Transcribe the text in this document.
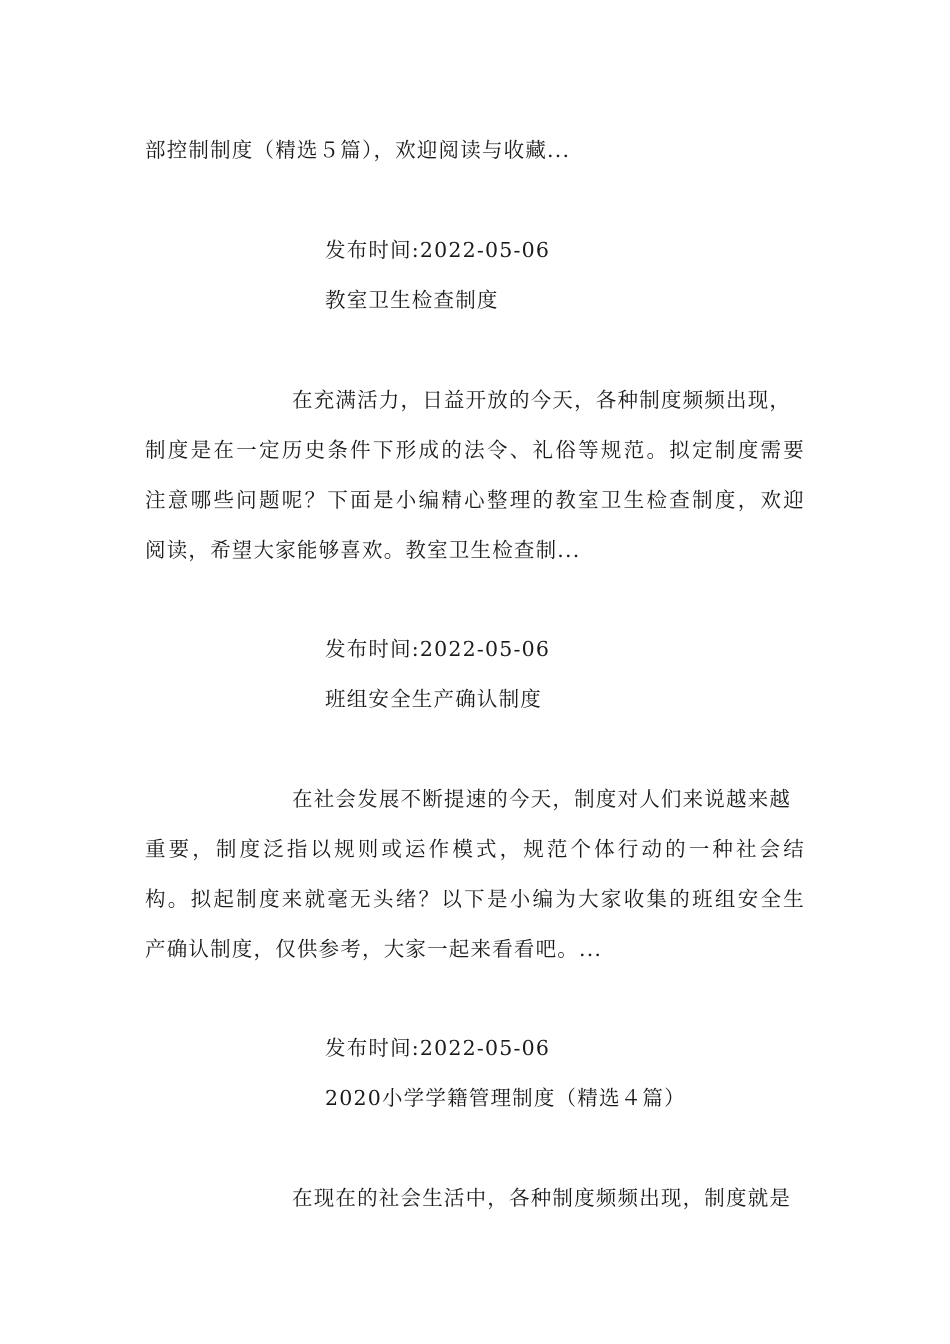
部控制制度（精选５篇），欢迎阅读与收藏...
发布时间:2022-05-06
教室卫生检查制度
在充满活力，日益开放的今天，各种制度频频出现，
制度是在一定历史条件下形成的法令、礼俗等规范。拟定制度需要
注意哪些问题呢？下面是小编精心整理的教室卫生检查制度，欢迎
阅读，希望大家能够喜欢。教室卫生检查制...
发布时间:2022-05-06
班组安全生产确认制度
在社会发展不断提速的今天，制度对人们来说越来越
重要，制度泛指以规则或运作模式，规范个体行动的一种社会结
构。拟起制度来就毫无头绪？以下是小编为大家收集的班组安全生
产确认制度，仅供参考，大家一起来看看吧。...
发布时间:2022-05-06
2020小学学籍管理制度（精选４篇）
在现在的社会生活中，各种制度频频出现，制度就是
